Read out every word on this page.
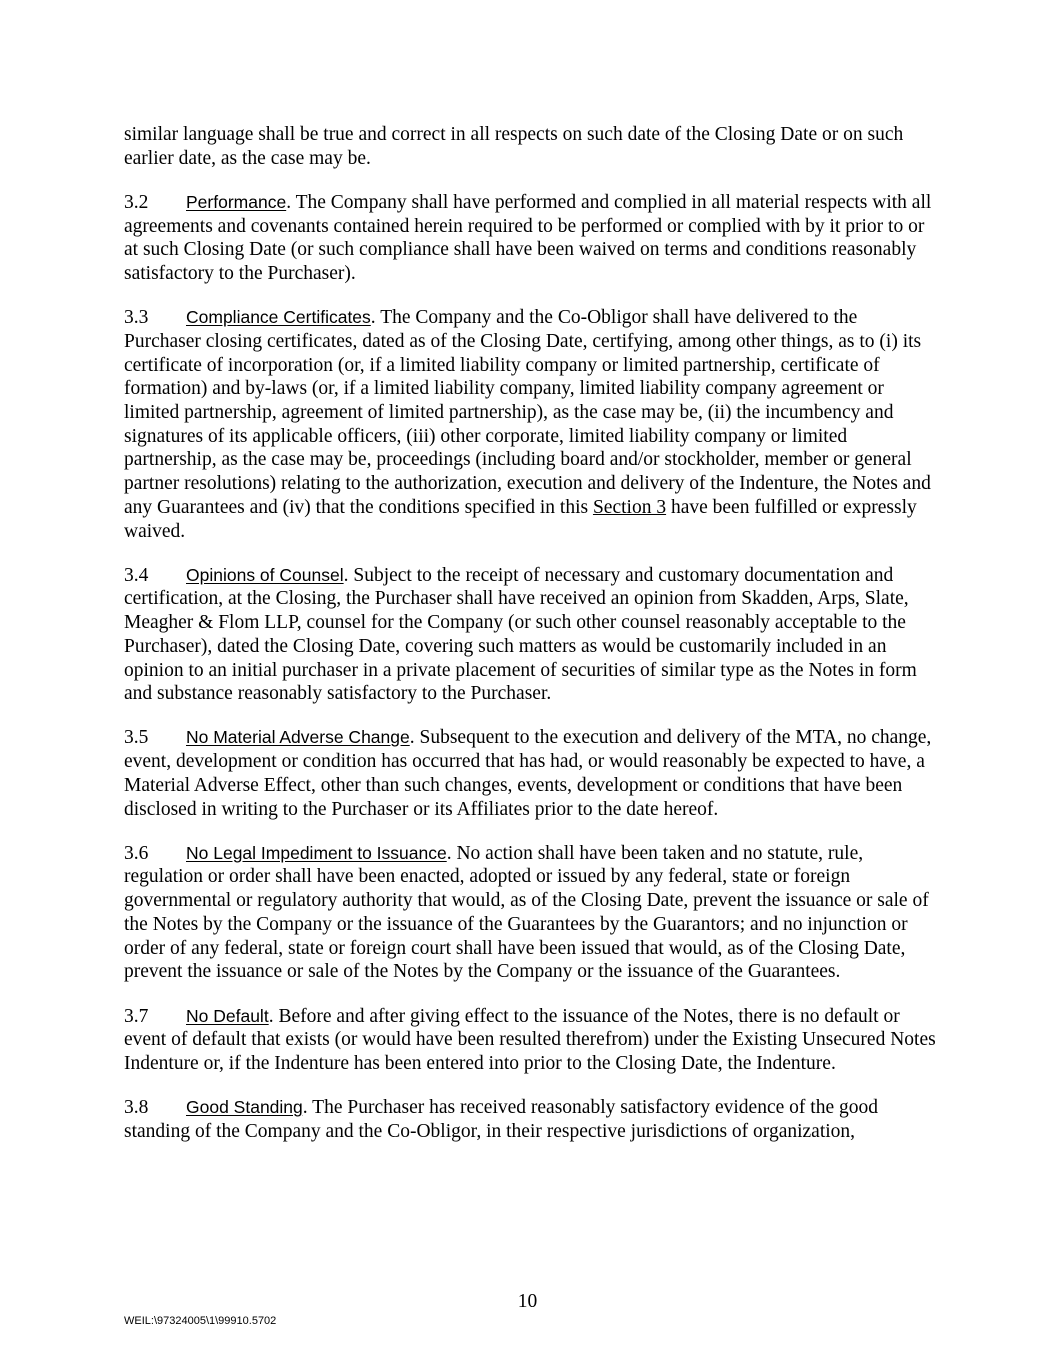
similar language shall be true and correct in all respects on such date of the Closing Date or on such earlier date, as the case may be.

3.2 Performance. The Company shall have performed and complied in all material respects with all agreements and covenants contained herein required to be performed or complied with by it prior to or at such Closing Date (or such compliance shall have been waived on terms and conditions reasonably satisfactory to the Purchaser).

3.3 Compliance Certificates. The Company and the Co-Obligor shall have delivered to the Purchaser closing certificates, dated as of the Closing Date, certifying, among other things, as to (i) its certificate of incorporation (or, if a limited liability company or limited partnership, certificate of formation) and by-laws (or, if a limited liability company, limited liability company agreement or limited partnership, agreement of limited partnership), as the case may be, (ii) the incumbency and signatures of its applicable officers, (iii) other corporate, limited liability company or limited partnership, as the case may be, proceedings (including board and/or stockholder, member or general partner resolutions) relating to the authorization, execution and delivery of the Indenture, the Notes and any Guarantees and (iv) that the conditions specified in this Section 3 have been fulfilled or expressly waived.

3.4 Opinions of Counsel. Subject to the receipt of necessary and customary documentation and certification, at the Closing, the Purchaser shall have received an opinion from Skadden, Arps, Slate, Meagher & Flom LLP, counsel for the Company (or such other counsel reasonably acceptable to the Purchaser), dated the Closing Date, covering such matters as would be customarily included in an opinion to an initial purchaser in a private placement of securities of similar type as the Notes in form and substance reasonably satisfactory to the Purchaser.

3.5 No Material Adverse Change. Subsequent to the execution and delivery of the MTA, no change, event, development or condition has occurred that has had, or would reasonably be expected to have, a Material Adverse Effect, other than such changes, events, development or conditions that have been disclosed in writing to the Purchaser or its Affiliates prior to the date hereof.

3.6 No Legal Impediment to Issuance. No action shall have been taken and no statute, rule, regulation or order shall have been enacted, adopted or issued by any federal, state or foreign governmental or regulatory authority that would, as of the Closing Date, prevent the issuance or sale of the Notes by the Company or the issuance of the Guarantees by the Guarantors; and no injunction or order of any federal, state or foreign court shall have been issued that would, as of the Closing Date, prevent the issuance or sale of the Notes by the Company or the issuance of the Guarantees.

3.7 No Default. Before and after giving effect to the issuance of the Notes, there is no default or event of default that exists (or would have been resulted therefrom) under the Existing Unsecured Notes Indenture or, if the Indenture has been entered into prior to the Closing Date, the Indenture.

3.8 Good Standing. The Purchaser has received reasonably satisfactory evidence of the good standing of the Company and the Co-Obligor, in their respective jurisdictions of organization,

10
WEIL:\97324005\1\99910.5702
